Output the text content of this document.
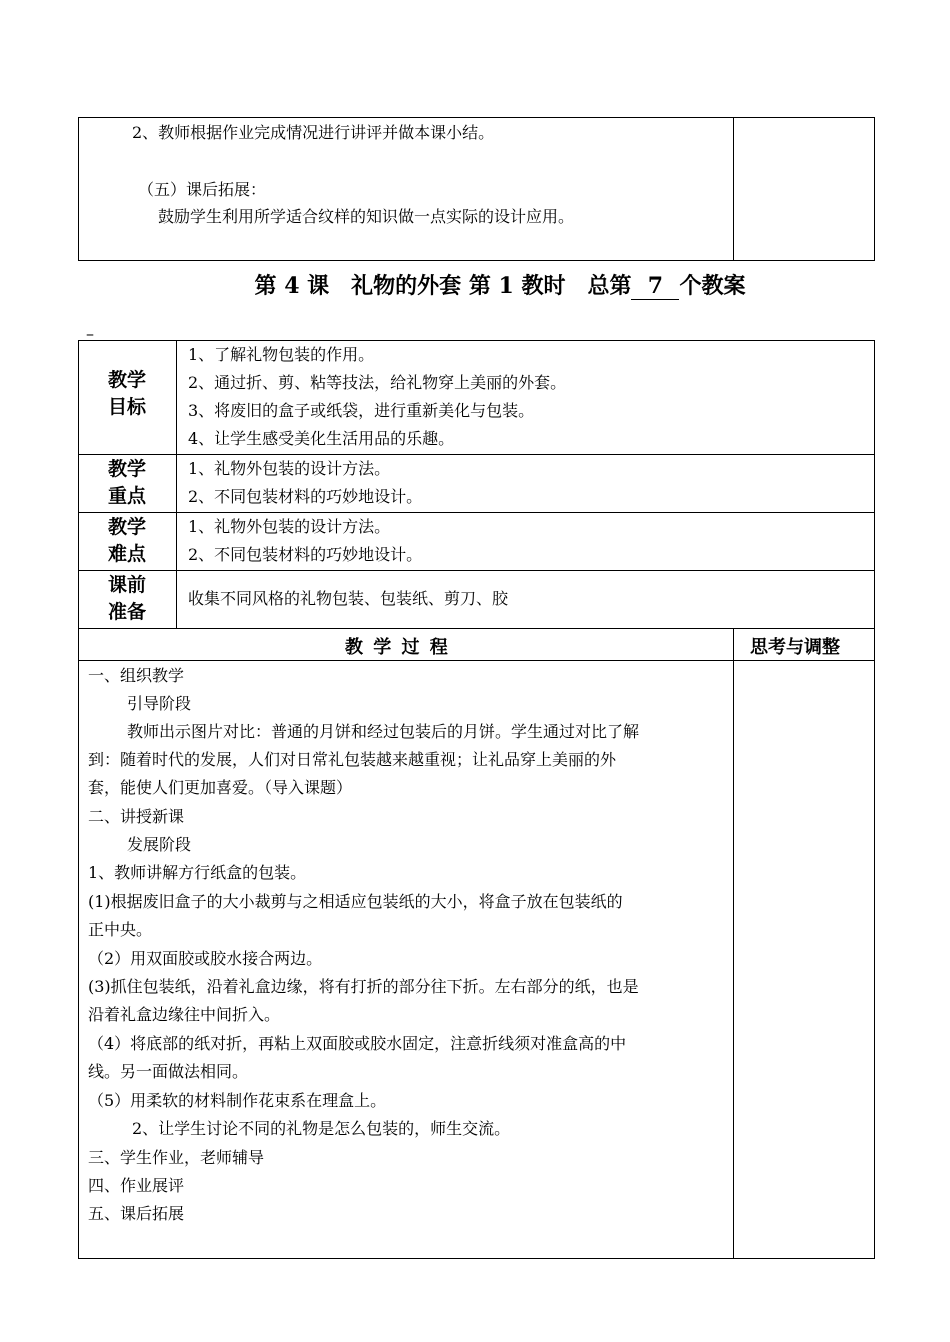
2、教师根据作业完成情况进行讲评并做本课小结。
（五）课后拓展：
鼓励学生利用所学适合纹样的知识做一点实际的设计应用。
第 4 课　礼物的外套 第 1 教时　总第 7 个教案
–
教学
目标
1、了解礼物包装的作用。
2、通过折、剪、粘等技法，给礼物穿上美丽的外套。
3、将废旧的盒子或纸袋，进行重新美化与包装。
4、让学生感受美化生活用品的乐趣。
教学
重点
1、礼物外包装的设计方法。
2、不同包装材料的巧妙地设计。
教学
难点
1、礼物外包装的设计方法。
2、不同包装材料的巧妙地设计。
课前
准备
收集不同风格的礼物包装、包装纸、剪刀、胶
教 学 过 程	思考与调整
一、组织教学
引导阶段
教师出示图片对比：普通的月饼和经过包装后的月饼。学生通过对比了解
到：随着时代的发展，人们对日常礼包装越来越重视；让礼品穿上美丽的外
套，能使人们更加喜爱。（导入课题）
二、讲授新课
发展阶段
1、教师讲解方行纸盒的包装。
(1)根据废旧盒子的大小裁剪与之相适应包装纸的大小，将盒子放在包装纸的
正中央。
（2）用双面胶或胶水接合两边。
(3)抓住包装纸，沿着礼盒边缘，将有打折的部分往下折。左右部分的纸，也是
沿着礼盒边缘往中间折入。
（4）将底部的纸对折，再粘上双面胶或胶水固定，注意折线须对准盒高的中
线。另一面做法相同。
（5）用柔软的材料制作花束系在理盒上。
2、让学生讨论不同的礼物是怎么包装的，师生交流。
三、学生作业，老师辅导
四、作业展评
五、课后拓展
